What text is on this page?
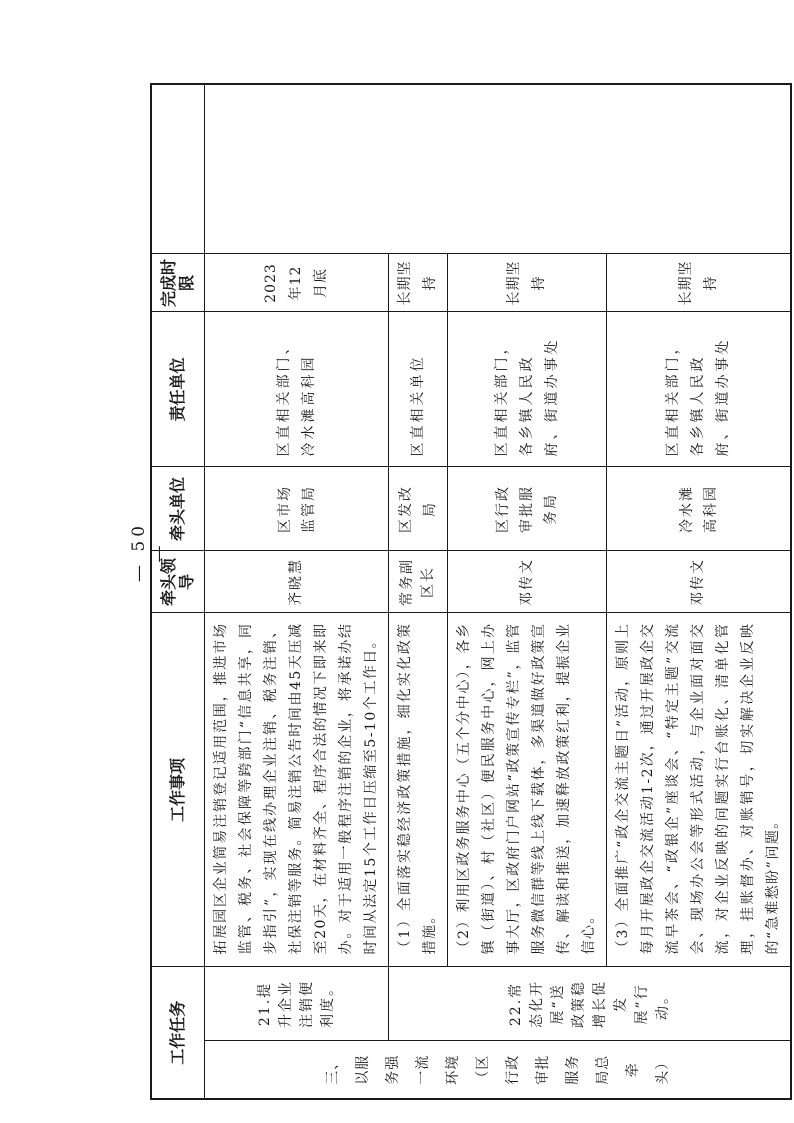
工作任务		工作事项	牵头领导	牵头单位	责任单位	完成时限	
三、以服务强一流环境（区行政审批服务局总牵头）	21.提升企业注销便利度。	拓展园区企业简易注销登记适用范围，推进市场监管、税务、社会保障等跨部门“信息共享，同步指引”，实现在线办理企业注销、税务注销、社保注销等服务。简易注销公告时间由45天压减至20天，在材料齐全、程序合法的情况下即来即办。对于适用一般程序注销的企业，将承诺办结时间从法定15个工作日压缩至5-10个工作日。	齐晓慧	区市场监管局	区直相关部门、冷水滩高科园	2023年12月底	
	22.常态化开展“送政策稳增长促发展”行动。	（1）全面落实稳经济政策措施，细化实化政策措施。	常务副区长	区发改局	区直相关单位	长期坚持	
		（2）利用区政务服务中心（五个分中心），各乡镇（街道）、村（社区）便民服务中心，网上办事大厅，区政府门户网站“政策宣传专栏”，监管服务微信群等线上线下载体，多渠道做好政策宣传、解读和推送，加速释放政策红利，提振企业信心。	邓传文	区行政审批服务局	区直相关部门，各乡镇人民政府、街道办事处	长期坚持	
		（3）全面推广“政企交流主题日”活动，原则上每月开展政企交流活动1-2次，通过开展政企交流早茶会、“政银企”座谈会、“特定主题”交流会、现场办公会等形式活动，与企业面对面交流，对企业反映的问题实行台账化、清单化管理，挂账督办、对账销号，切实解决企业反映的“急难愁盼”问题。	邓传文	冷水滩高科园	区直相关部门，各乡镇人民政府、街道办事处	长期坚持	
— 50 —
